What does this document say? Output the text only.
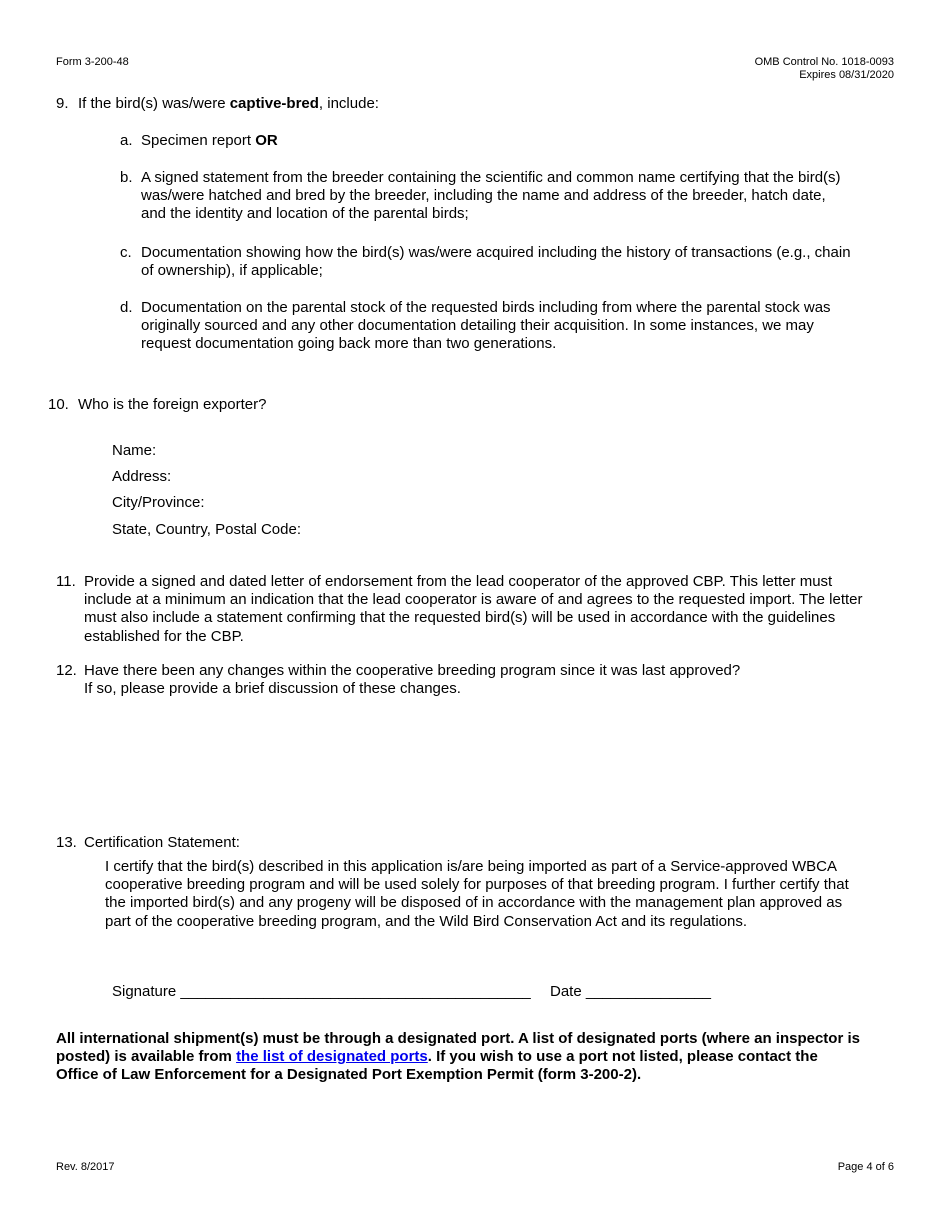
Form 3-200-48	OMB Control No. 1018-0093
Expires 08/31/2020
9. If the bird(s) was/were captive-bred, include:
a. Specimen report OR
b. A signed statement from the breeder containing the scientific and common name certifying that the bird(s)
was/were hatched and bred by the breeder, including the name and address of the breeder, hatch date,
and the identity and location of the parental birds;
c. Documentation showing how the bird(s) was/were acquired including the history of transactions (e.g., chain
of ownership), if applicable;
d. Documentation on the parental stock of the requested birds including from where the parental stock was
originally sourced and any other documentation detailing their acquisition. In some instances, we may
request documentation going back more than two generations.
10. Who is the foreign exporter?
Name:
Address:
City/Province:
State, Country, Postal Code:
11. Provide a signed and dated letter of endorsement from the lead cooperator of the approved CBP. This letter must
include at a minimum an indication that the lead cooperator is aware of and agrees to the requested import. The letter
must also include a statement confirming that the requested bird(s) will be used in accordance with the guidelines
established for the CBP.
12. Have there been any changes within the cooperative breeding program since it was last approved?
If so, please provide a brief discussion of these changes.
13. Certification Statement:
I certify that the bird(s) described in this application is/are being imported as part of a Service-approved WBCA
cooperative breeding program and will be used solely for purposes of that breeding program. I further certify that
the imported bird(s) and any progeny will be disposed of in accordance with the management plan approved as
part of the cooperative breeding program, and the Wild Bird Conservation Act and its regulations.
Signature __________________________________________ Date _______________
All international shipment(s) must be through a designated port. A list of designated ports (where an inspector is
posted) is available from the list of designated ports. If you wish to use a port not listed, please contact the
Office of Law Enforcement for a Designated Port Exemption Permit (form 3-200-2).
Rev. 8/2017	Page 4 of 6
